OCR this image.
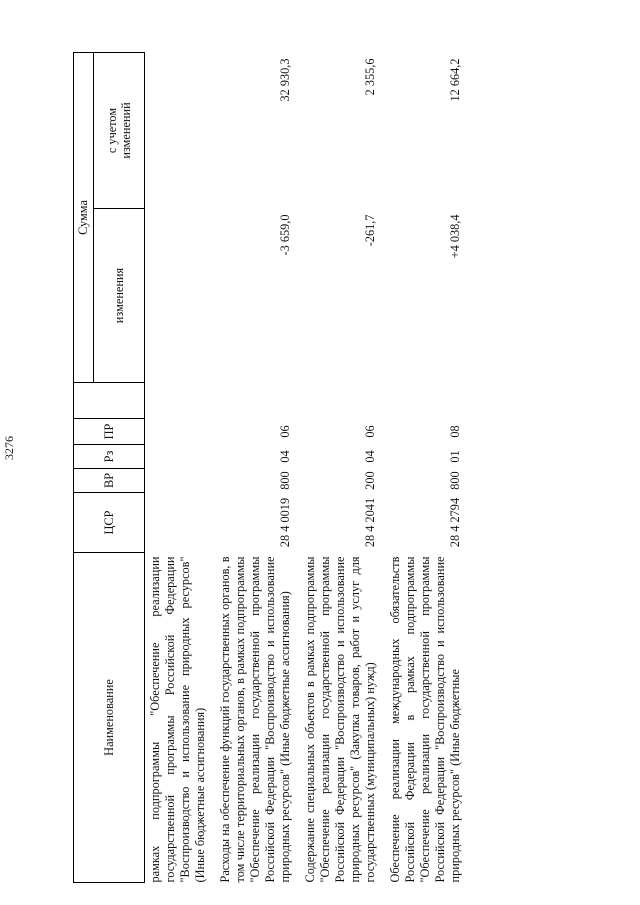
3276
Наименование	ЦСР	ВР	Рз	ПР		Сумма	
						изменения	с учетом
изменений
рамках подпрограммы "Обеспечение реализации государственной программы Российской Федерации "Воспроизводство и использование природных ресурсов" (Иные бюджетные ассигнования)							
Расходы на обеспечение функций государственных органов, в том числе территориальных органов, в рамках подпрограммы "Обеспечение реализации государственной программы Российской Федерации "Воспроизводство и использование природных ресурсов" (Иные бюджетные ассигнования)	28 4 0019	800	04	06		-3 659,0	32 930,3
Содержание специальных объектов в рамках подпрограммы "Обеспечение реализации государственной программы Российской Федерации "Воспроизводство и использование природных ресурсов" (Закупка товаров, работ и услуг для государственных (муниципальных) нужд)	28 4 2041	200	04	06		-261,7	2 355,6
Обеспечение реализации международных обязательств Российской Федерации в рамках подпрограммы "Обеспечение реализации государственной программы Российской Федерации "Воспроизводство и использование природных ресурсов" (Иные бюджетные	28 4 2794	800	01	08		+4 038,4	12 664,2
